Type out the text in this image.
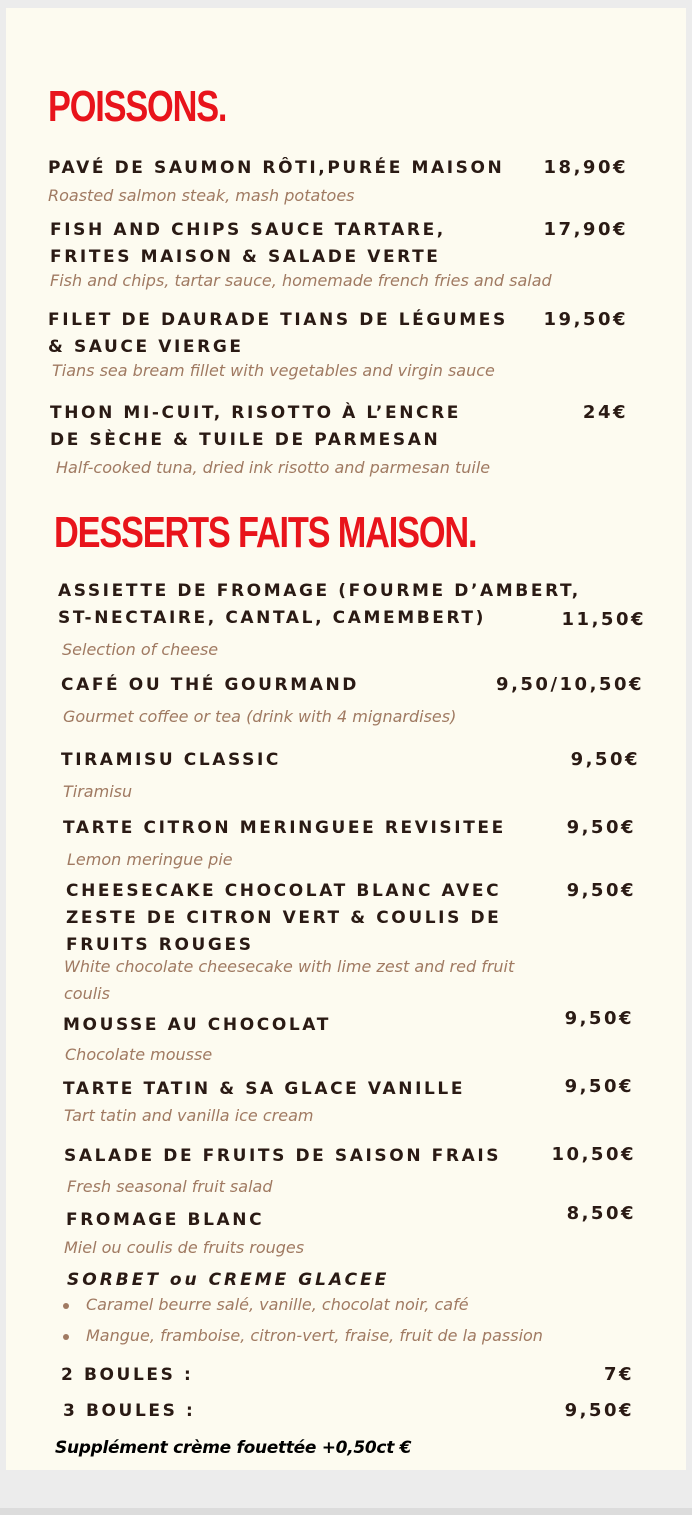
POISSONS.
PAVÉ DE SAUMON RÔTI,PURÉE MAISON 18,90€
Roasted salmon steak, mash potatoes
FISH AND CHIPS SAUCE TARTARE,
FRITES MAISON & SALADE VERTE
17,90€
Fish and chips, tartar sauce, homemade french fries and salad
FILET DE DAURADE TIANS DE LÉGUMES
& SAUCE VIERGE
19,50€
Tians sea bream fillet with vegetables and virgin sauce
THON MI-CUIT, RISOTTO À L’ENCRE
DE SÈCHE & TUILE DE PARMESAN
24€
Half-cooked tuna, dried ink risotto and parmesan tuile
DESSERTS FAITS MAISON.
ASSIETTE DE FROMAGE (FOURME D’AMBERT,
ST-NECTAIRE, CANTAL, CAMEMBERT)	11,50€
Selection of cheese
CAFÉ OU THÉ GOURMAND	9,50/10,50€
Gourmet coffee or tea (drink with 4 mignardises)
TIRAMISU CLASSIC	9,50€
Tiramisu
TARTE CITRON MERINGUEE REVISITEE	9,50€
Lemon meringue pie
CHEESECAKE CHOCOLAT BLANC AVEC
ZESTE DE CITRON VERT & COULIS DE
FRUITS ROUGES
9,50€
White chocolate cheesecake with lime zest and red fruit
coulis
MOUSSE AU CHOCOLAT	9,50€
Chocolate mousse
TARTE TATIN & SA GLACE VANILLE	9,50€
Tart tatin and vanilla ice cream
SALADE DE FRUITS DE SAISON FRAIS	10,50€
Fresh seasonal fruit salad
FROMAGE BLANC	8,50€
Miel ou coulis de fruits rouges
SORBET ou CREME GLACEE
Caramel beurre salé, vanille, chocolat noir, café
Mangue, framboise, citron-vert, fraise, fruit de la passion
2 BOULES :	7€
3 BOULES :	9,50€
Supplément crème fouettée +0,50ct €
